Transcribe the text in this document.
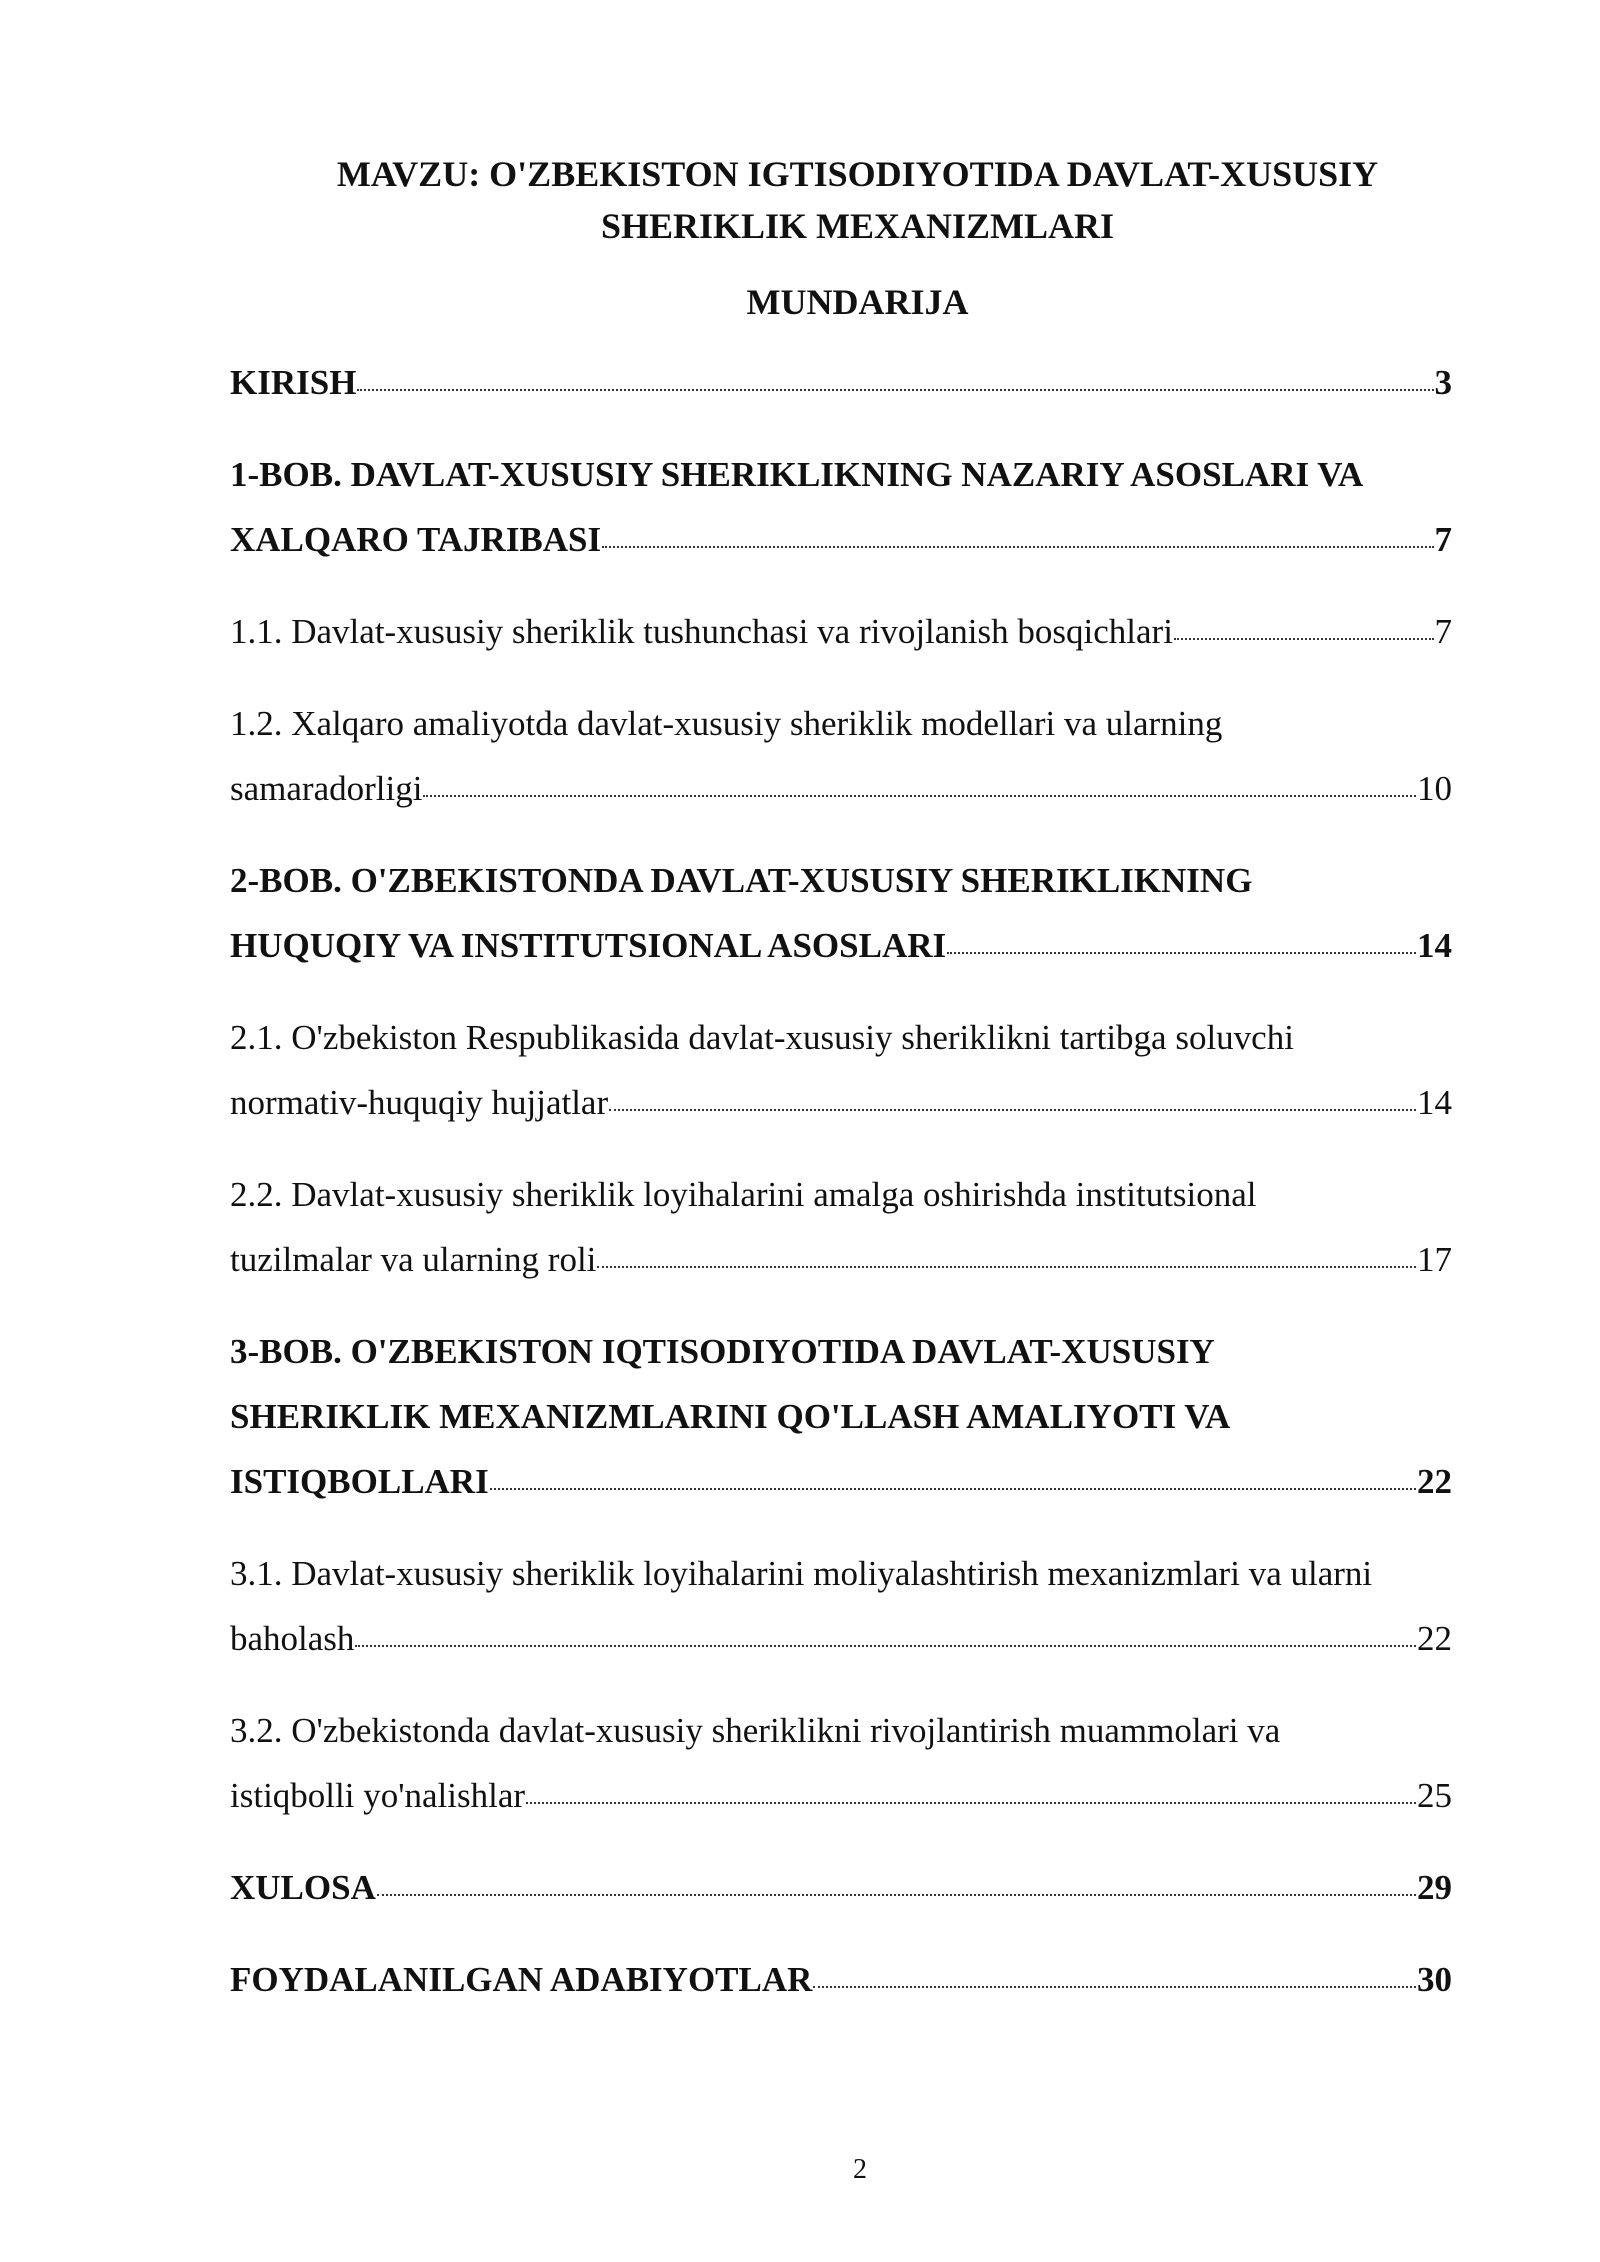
MAVZU: O'ZBEKISTON IGTISODIYOTIDA DAVLAT-XUSUSIY
SHERIKLIK MEXANIZMLARI
MUNDARIJA
KIRISH	3
1-BOB. DAVLAT-XUSUSIY SHERIKLIKNING NAZARIY ASOSLARI VA
XALQARO TAJRIBASI	7
1.1. Davlat-xususiy sheriklik tushunchasi va rivojlanish bosqichlari	7
1.2. Xalqaro amaliyotda davlat-xususiy sheriklik modellari va ularning
samaradorligi	10
2-BOB. O'ZBEKISTONDA DAVLAT-XUSUSIY SHERIKLIKNING
HUQUQIY VA INSTITUTSIONAL ASOSLARI	14
2.1. O'zbekiston Respublikasida davlat-xususiy sheriklikni tartibga soluvchi
normativ-huquqiy hujjatlar	14
2.2. Davlat-xususiy sheriklik loyihalarini amalga oshirishda institutsional
tuzilmalar va ularning roli	17
3-BOB. O'ZBEKISTON IQTISODIYOTIDA DAVLAT-XUSUSIY
SHERIKLIK MEXANIZMLARINI QO'LLASH AMALIYOTI VA
ISTIQBOLLARI	22
3.1. Davlat-xususiy sheriklik loyihalarini moliyalashtirish mexanizmlari va ularni
baholash	22
3.2. O'zbekistonda davlat-xususiy sheriklikni rivojlantirish muammolari va
istiqbolli yo'nalishlar	25
XULOSA	29
FOYDALANILGAN ADABIYOTLAR	30
2
